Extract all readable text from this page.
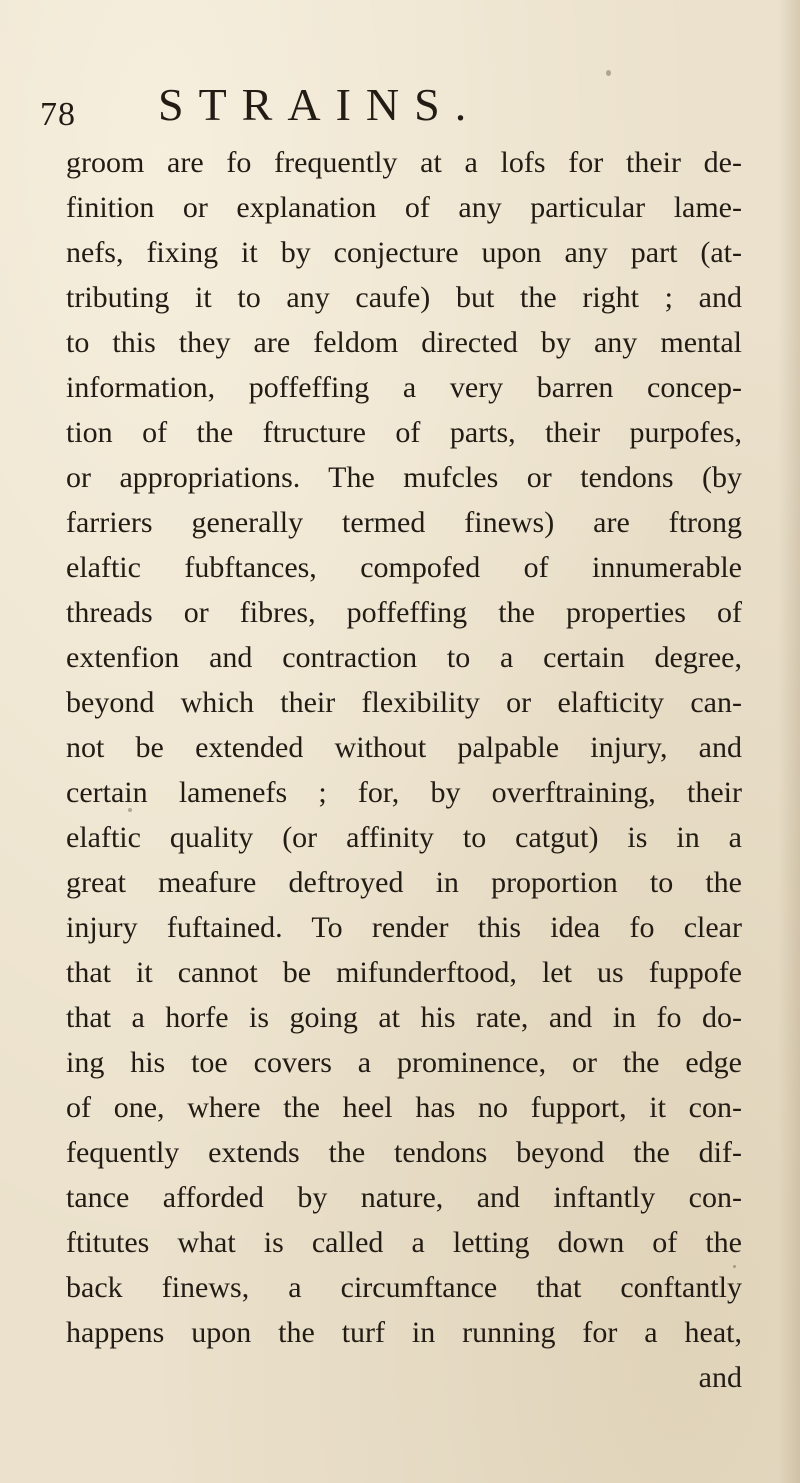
78 STRAINS.
groom are fo frequently at a lofs for their de-
finition or explanation of any particular lame-
nefs, fixing it by conjecture upon any part (at-
tributing it to any caufe) but the right ; and
to this they are feldom directed by any mental
information, poffeffing a very barren concep-
tion of the ftructure of parts, their purpofes,
or appropriations. The mufcles or tendons (by
farriers generally termed finews) are ftrong
elaftic fubftances, compofed of innumerable
threads or fibres, poffeffing the properties of
extenfion and contraction to a certain degree,
beyond which their flexibility or elafticity can-
not be extended without palpable injury, and
certain lamenefs ; for, by overftraining, their
elaftic quality (or affinity to catgut) is in a
great meafure deftroyed in proportion to the
injury fuftained. To render this idea fo clear
that it cannot be mifunderftood, let us fuppofe
that a horfe is going at his rate, and in fo do-
ing his toe covers a prominence, or the edge
of one, where the heel has no fupport, it con-
fequently extends the tendons beyond the dif-
tance afforded by nature, and inftantly con-
ftitutes what is called a letting down of the
back finews, a circumftance that conftantly
happens upon the turf in running for a heat,
and
